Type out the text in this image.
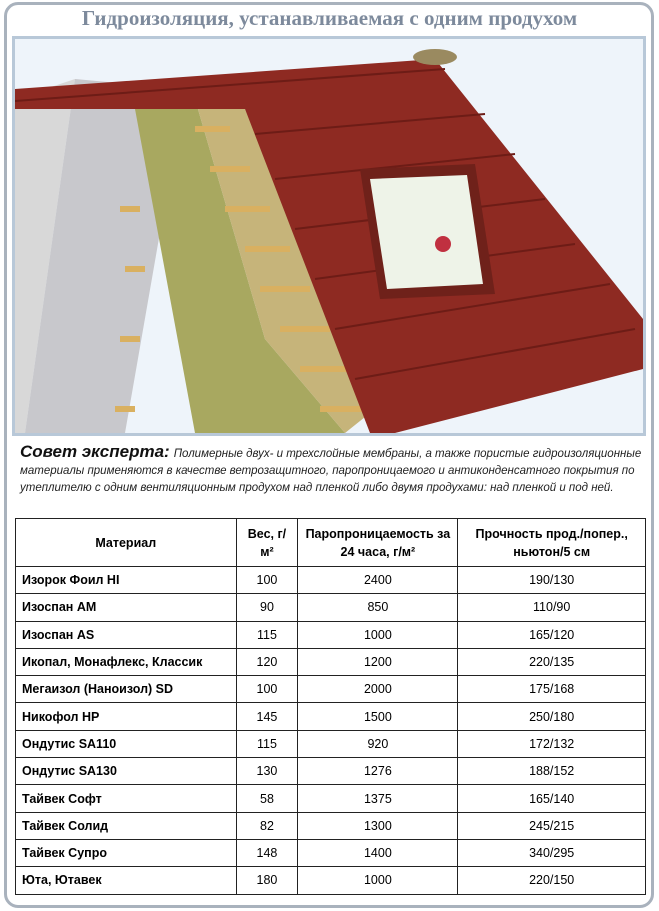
Гидроизоляция, устанавливаемая с одним продухом
Совет эксперта: Полимерные двух- и трехслойные мембраны, а также пористые гидроизоляционные материалы применяются в качестве ветрозащитного, паропроницаемого и антиконденсатного покрытия по утеплителю с одним вентиляционным продухом над пленкой либо двумя продухами: над пленкой и под ней.
Материал	Вес, г/м²	Паропроницаемость за 24 часа, г/м²	Прочность прод./попер., ньютон/5 см
Изорок Фоил HI	100	2400	190/130
Изоспан AM	90	850	110/90
Изоспан AS	115	1000	165/120
Икопал, Монафлекс, Классик	120	1200	220/135
Мегаизол (Наноизол) SD	100	2000	175/168
Никофол HP	145	1500	250/180
Ондутис SA110	115	920	172/132
Ондутис SA130	130	1276	188/152
Тайвек Софт	58	1375	165/140
Тайвек Солид	82	1300	245/215
Тайвек Супро	148	1400	340/295
Юта, Ютавек	180	1000	220/150
